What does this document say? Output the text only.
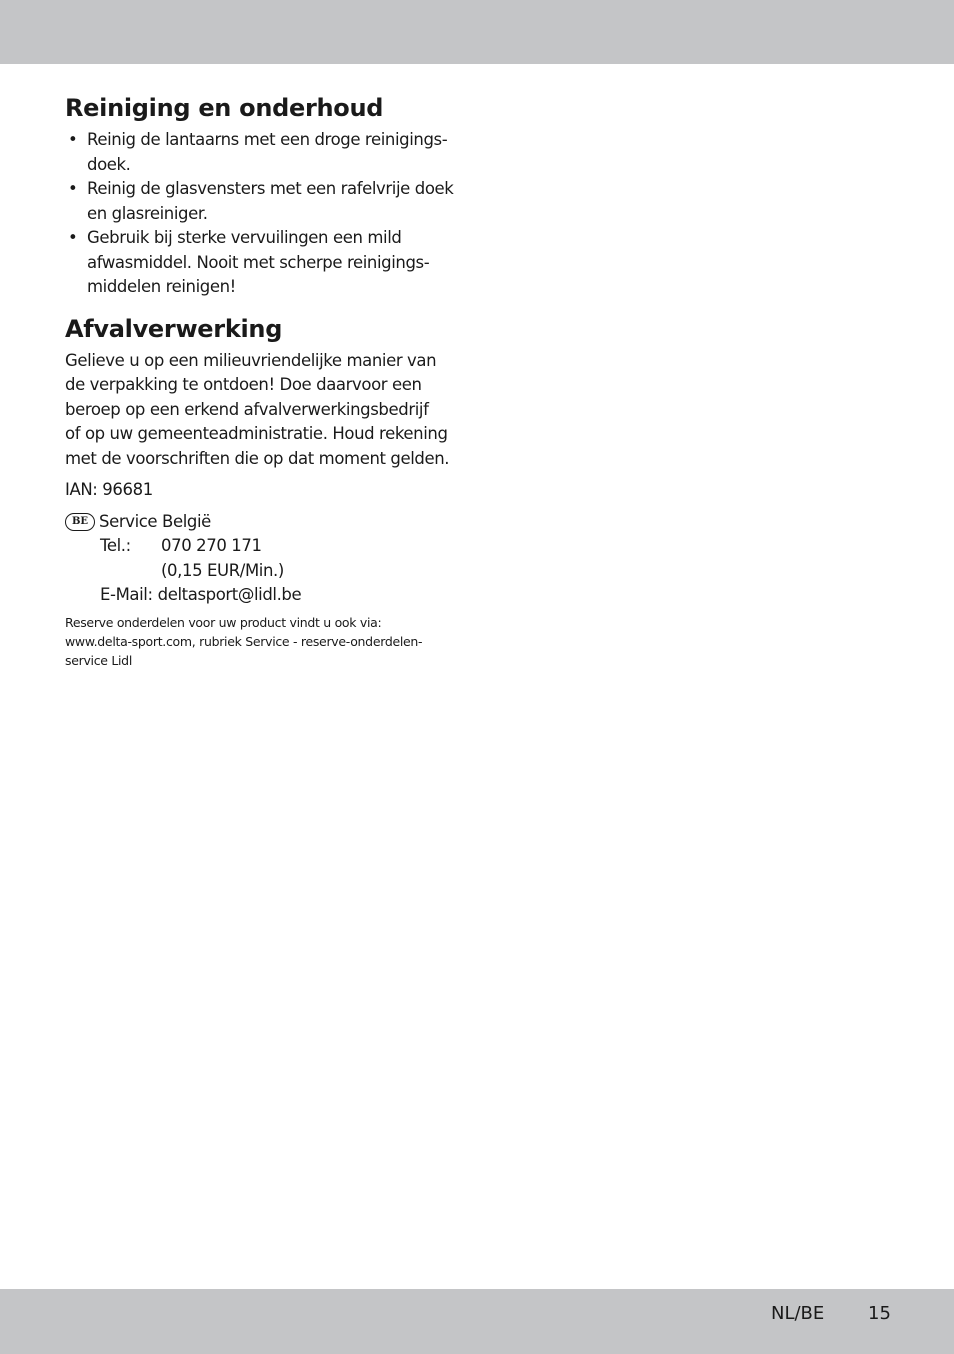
Reiniging en onderhoud
• Reinig de lantaarns met een droge reinigings-
doek.
• Reinig de glasvensters met een rafelvrije doek
en glasreiniger.
• Gebruik bij sterke vervuilingen een mild
afwasmiddel. Nooit met scherpe reinigings-
middelen reinigen!
Afvalverwerking

Gelieve u op een milieuvriendelijke manier van
de verpakking te ontdoen! Doe daarvoor een
beroep op een erkend afvalverwerkingsbedrijf
of op uw gemeenteadministratie. Houd rekening
met de voorschriften die op dat moment gelden.

IAN: 96681
BE Service België
Tel.:	070 270 171
(0,15 EUR/Min.)
E-Mail: deltasport@lidl.be
Reserve onderdelen voor uw product vindt u ook via:
www.delta-sport.com, rubriek Service - reserve-onderdelen-
service Lidl
NL/BE 15
